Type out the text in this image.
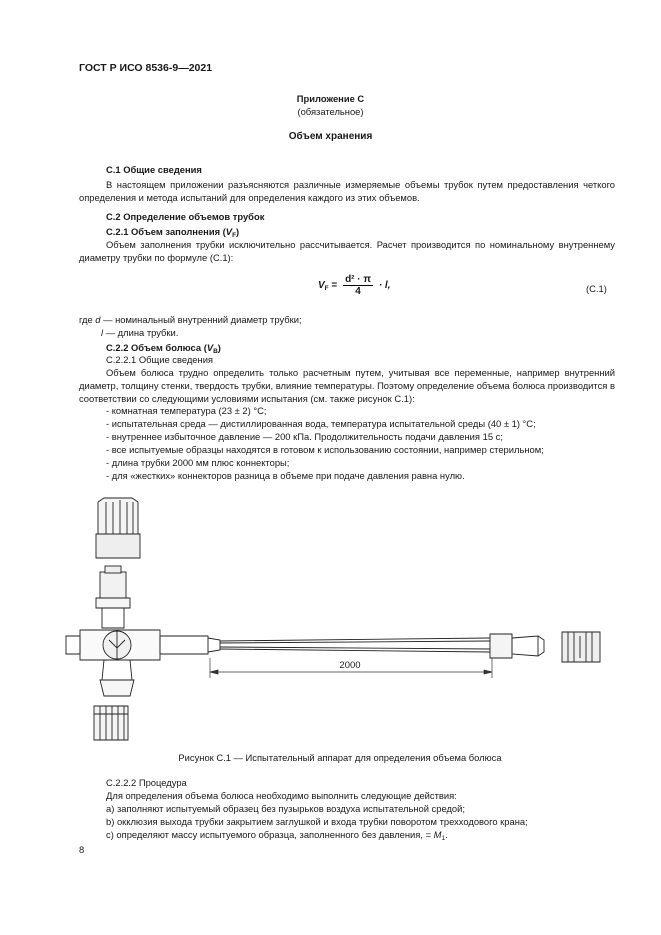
ГОСТ Р ИСО 8536-9—2021
Приложение С
(обязательное)
Объем хранения
С.1 Общие сведения
В настоящем приложении разъясняются различные измеряемые объемы трубок путем предоставления четкого определения и метода испытаний для определения каждого из этих объемов.
С.2 Определение объемов трубок
С.2.1 Объем заполнения $(V_F)$
Объем заполнения трубки исключительно рассчитывается. Расчет производится по номинальному внутреннему диаметру трубки по формуле (С.1):
$V_F = \frac{\text{d² · π}}{4} \cdot l$,	(С.1)
где d — номинальный внутренний диаметр трубки;
l — длина трубки.
С.2.2 Объем болюса $(V_B)$
С.2.2.1 Общие сведения
Объем болюса трудно определить только расчетным путем, учитывая все переменные, например внутренний диаметр, толщину стенки, твердость трубки, влияние температуры. Поэтому определение объема болюса производится в соответствии со следующими условиями испытания (см. также рисунок С.1):
- комнатная температура (23 ± 2) °С;
- испытательная среда — дистиллированная вода, температура испытательной среды (40 ± 1) °С;
- внутреннее избыточное давление — 200 кПа. Продолжительность подачи давления 15 с;
- все испытуемые образцы находятся в готовом к использованию состоянии, например стерильном;
- длина трубки 2000 мм плюс коннекторы;
- для «жестких» коннекторов разница в объеме при подаче давления равна нулю.
2000
Рисунок С.1 — Испытательный аппарат для определения объема болюса
С.2.2.2 Процедура
Для определения объема болюса необходимо выполнить следующие действия:
a) заполняют испытуемый образец без пузырьков воздуха испытательной средой;
b) окклюзия выхода трубки закрытием заглушкой и входа трубки поворотом трехходового крана;
c) определяют массу испытуемого образца, заполненного без давления, = $M_1$.
8
